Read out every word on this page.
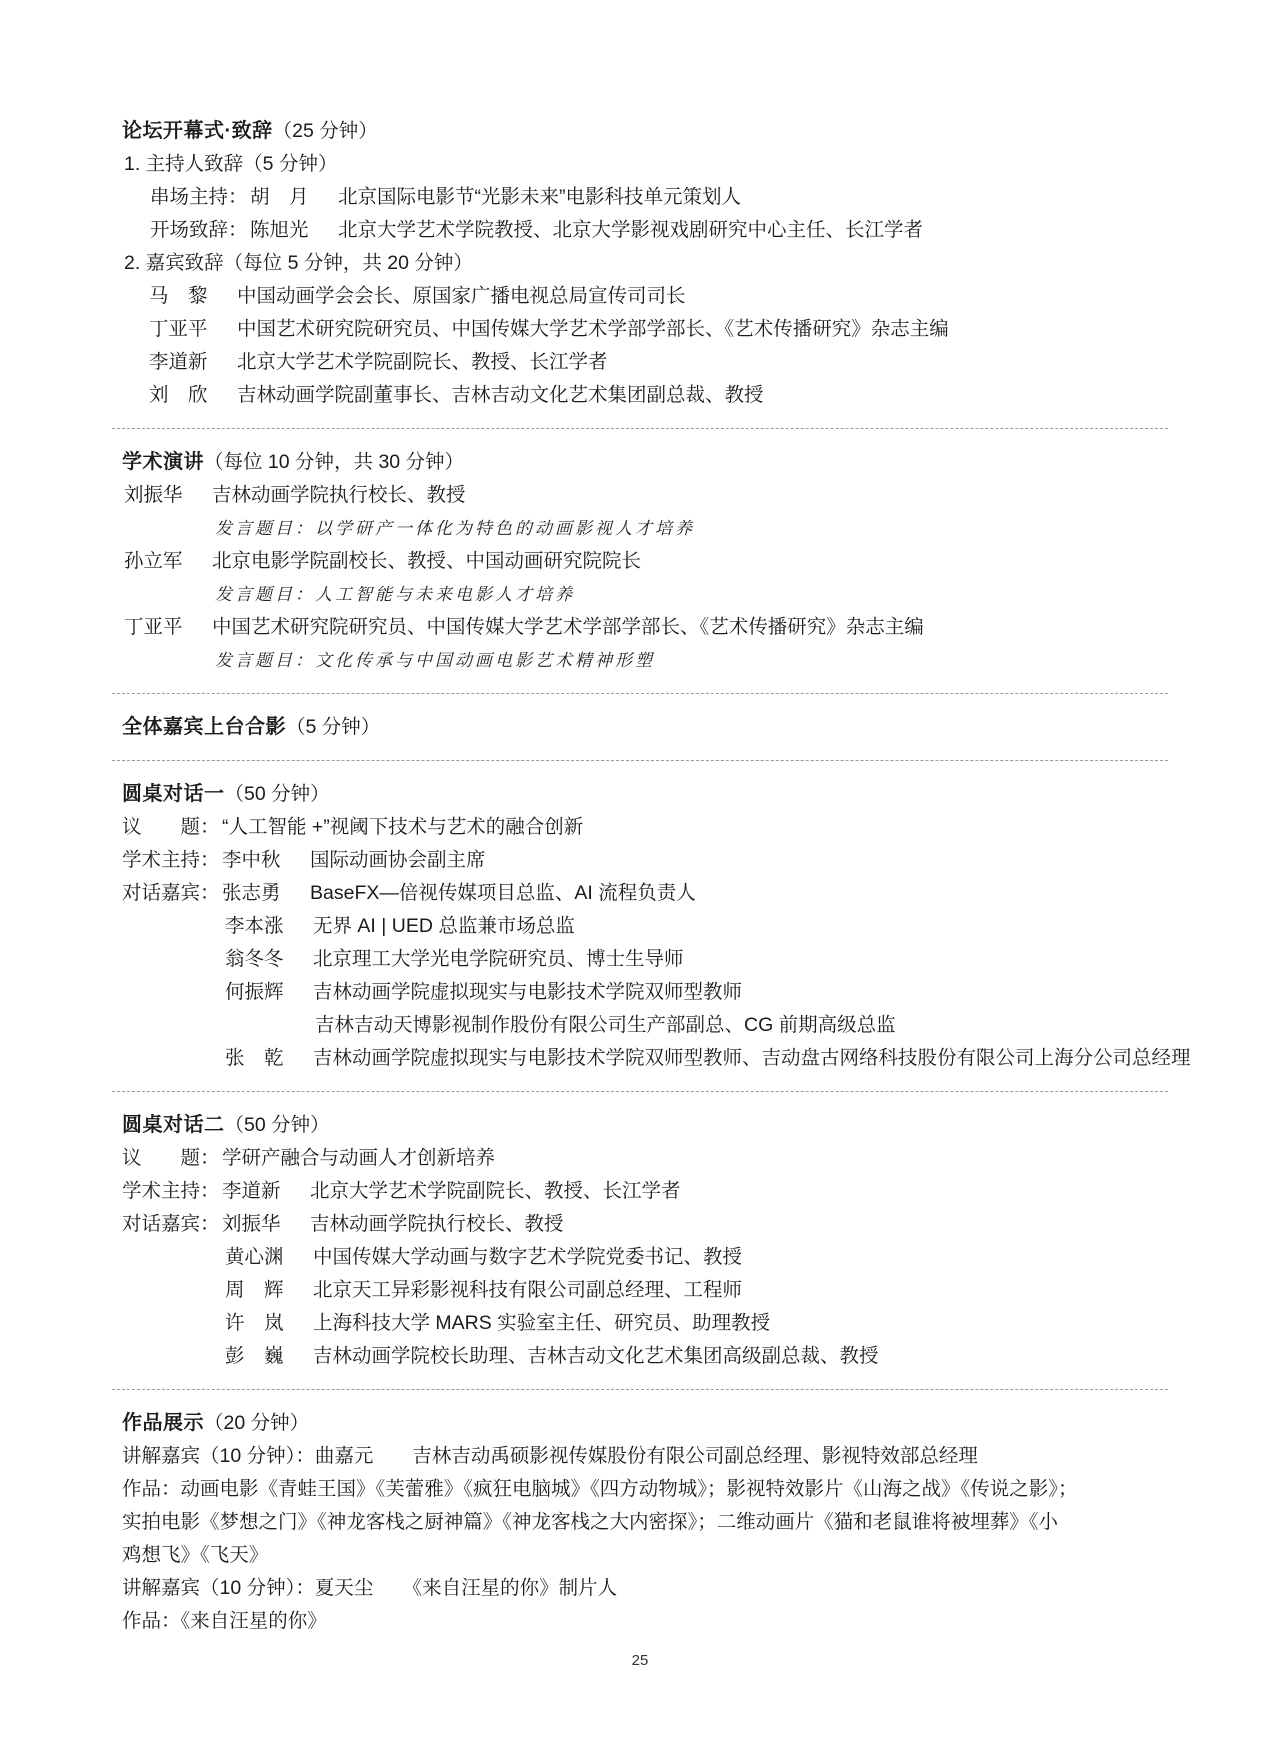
论坛开幕式·致辞（25 分钟）
1. 主持人致辞（5 分钟）
串场主持： 胡　月 北京国际电影节“光影未来”电影科技单元策划人
开场致辞： 陈旭光 北京大学艺术学院教授、北京大学影视戏剧研究中心主任、长江学者
2. 嘉宾致辞（每位 5 分钟，共 20 分钟）
马　黎 中国动画学会会长、原国家广播电视总局宣传司司长
丁亚平 中国艺术研究院研究员、中国传媒大学艺术学部学部长、《艺术传播研究》杂志主编
李道新 北京大学艺术学院副院长、教授、长江学者
刘　欣 吉林动画学院副董事长、吉林吉动文化艺术集团副总裁、教授
学术演讲（每位 10 分钟，共 30 分钟）
刘振华 吉林动画学院执行校长、教授
发言题目：以学研产一体化为特色的动画影视人才培养
孙立军 北京电影学院副校长、教授、中国动画研究院院长
发言题目：人工智能与未来电影人才培养
丁亚平 中国艺术研究院研究员、中国传媒大学艺术学部学部长、《艺术传播研究》杂志主编
发言题目：文化传承与中国动画电影艺术精神形塑
全体嘉宾上台合影（5 分钟）
圆桌对话一（50 分钟）
议　　题： “人工智能 +”视阈下技术与艺术的融合创新
学术主持： 李中秋 国际动画协会副主席
对话嘉宾： 张志勇 BaseFX—倍视传媒项目总监、AI 流程负责人
李本涨 无界 AI | UED 总监兼市场总监
翁冬冬 北京理工大学光电学院研究员、博士生导师
何振辉 吉林动画学院虚拟现实与电影技术学院双师型教师
吉林吉动天博影视制作股份有限公司生产部副总、CG 前期高级总监
张　乾 吉林动画学院虚拟现实与电影技术学院双师型教师、吉动盘古网络科技股份有限公司上海分公司总经理
圆桌对话二（50 分钟）
议　　题： 学研产融合与动画人才创新培养
学术主持： 李道新 北京大学艺术学院副院长、教授、长江学者
对话嘉宾： 刘振华 吉林动画学院执行校长、教授
黄心渊 中国传媒大学动画与数字艺术学院党委书记、教授
周　辉 北京天工异彩影视科技有限公司副总经理、工程师
许　岚 上海科技大学 MARS 实验室主任、研究员、助理教授
彭　巍 吉林动画学院校长助理、吉林吉动文化艺术集团高级副总裁、教授
作品展示（20 分钟）
讲解嘉宾（10 分钟）：曲嘉元　　吉林吉动禹硕影视传媒股份有限公司副总经理、影视特效部总经理
作品：动画电影《青蛙王国》《芙蕾雅》《疯狂电脑城》《四方动物城》；影视特效影片《山海之战》《传说之影》；
实拍电影《梦想之门》《神龙客栈之厨神篇》《神龙客栈之大内密探》；二维动画片《猫和老鼠谁将被埋葬》《小
鸡想飞》《飞天》
讲解嘉宾（10 分钟）：夏天尘　　《来自汪星的你》制片人
作品：《来自汪星的你》
25
